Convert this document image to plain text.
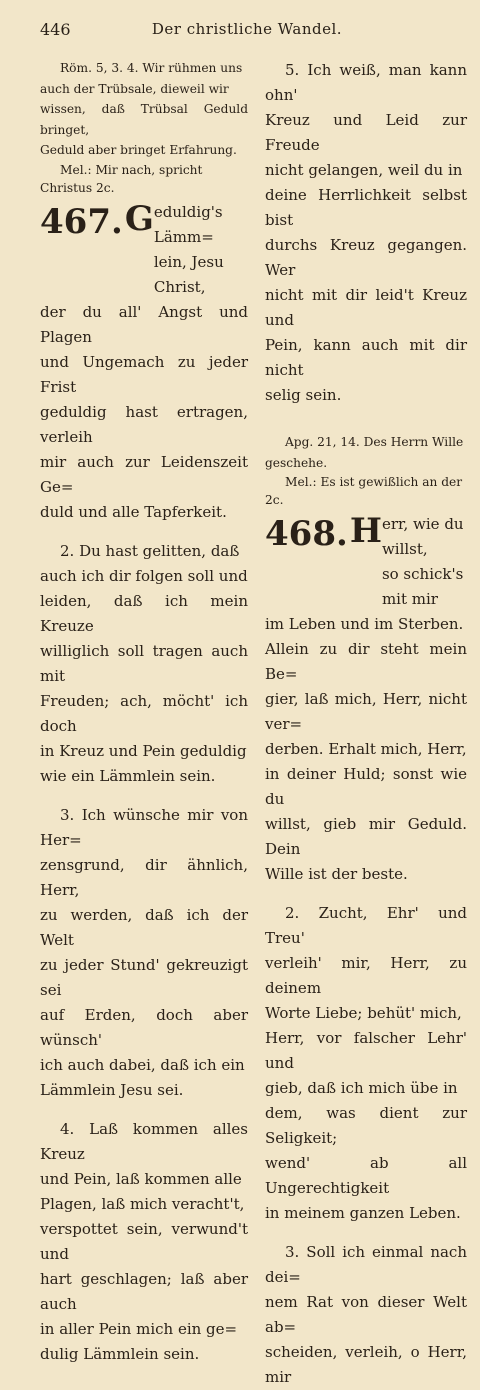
446	Der christliche Wandel.

Röm. 5, 3. 4. Wir rühmen uns

auch der Trübsale, dieweil wir

wissen, daß Trübsal Geduld bringet,

Geduld aber bringet Erfahrung.

Mel.: Mir nach, spricht Christus 2c.

467. G eduldig's Lämm=
lein, Jesu Christ,

der du all' Angst und Plagen

und Ungemach zu jeder Frist

geduldig hast ertragen, verleih

mir auch zur Leidenszeit Ge=

duld und alle Tapferkeit.

2. Du hast gelitten, daß

auch ich dir folgen soll und

leiden, daß ich mein Kreuze

williglich soll tragen auch mit

Freuden; ach, möcht' ich doch

in Kreuz und Pein geduldig

wie ein Lämmlein sein.

3. Ich wünsche mir von Her=

zensgrund, dir ähnlich, Herr,

zu werden, daß ich der Welt

zu jeder Stund' gekreuzigt sei

auf Erden, doch aber wünsch'

ich auch dabei, daß ich ein

Lämmlein Jesu sei.

4. Laß kommen alles Kreuz

und Pein, laß kommen alle

Plagen, laß mich veracht't,

verspottet sein, verwund't und

hart geschlagen; laß aber auch

in aller Pein mich ein ge=

dulig Lämmlein sein.

5. Ich weiß, man kann ohn'

Kreuz und Leid zur Freude

nicht gelangen, weil du in

deine Herrlichkeit selbst bist

durchs Kreuz gegangen. Wer

nicht mit dir leid't Kreuz und

Pein, kann auch mit dir nicht

selig sein.

Apg. 21, 14. Des Herrn Wille

geschehe.

Mel.: Es ist gewißlich an der 2c.

468. H err, wie du willst,
so schick's mit mir

im Leben und im Sterben.

Allein zu dir steht mein Be=

gier, laß mich, Herr, nicht ver=

derben. Erhalt mich, Herr,

in deiner Huld; sonst wie du

willst, gieb mir Geduld. Dein

Wille ist der beste.

2. Zucht, Ehr' und Treu'

verleih' mir, Herr, zu deinem

Worte Liebe; behüt' mich,

Herr, vor falscher Lehr' und

gieb, daß ich mich übe in

dem, was dient zur Seligkeit;

wend' ab all Ungerechtigkeit

in meinem ganzen Leben.

3. Soll ich einmal nach dei=

nem Rat von dieser Welt ab=

scheiden, verleih, o Herr, mir
